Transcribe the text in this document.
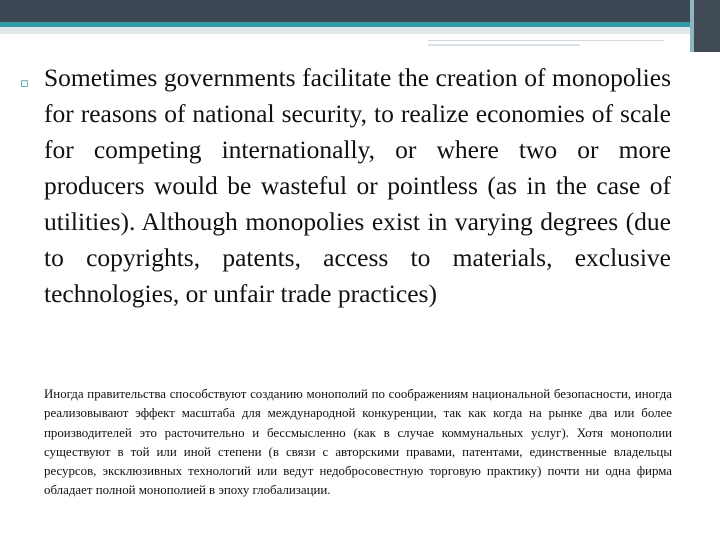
▫ Sometimes governments facilitate the creation of monopolies for reasons of national security, to realize economies of scale for competing internationally, or where two or more producers would be wasteful or pointless (as in the case of utilities). Although monopolies exist in varying degrees (due to copyrights, patents, access to materials, exclusive technologies, or unfair trade practices)

Иногда правительства способствуют созданию монополий по соображениям национальной безопасности, иногда реализовывают эффект масштаба для международной конкуренции, так как когда на рынке два или более производителей это расточительно и бессмысленно (как в случае коммунальных услуг). Хотя монополии существуют в той или иной степени (в связи с авторскими правами, патентами, единственные владельцы ресурсов, эксклюзивных технологий или ведут недобросовестную торговую практику) почти ни одна фирма обладает полной монополией в эпоху глобализации.
